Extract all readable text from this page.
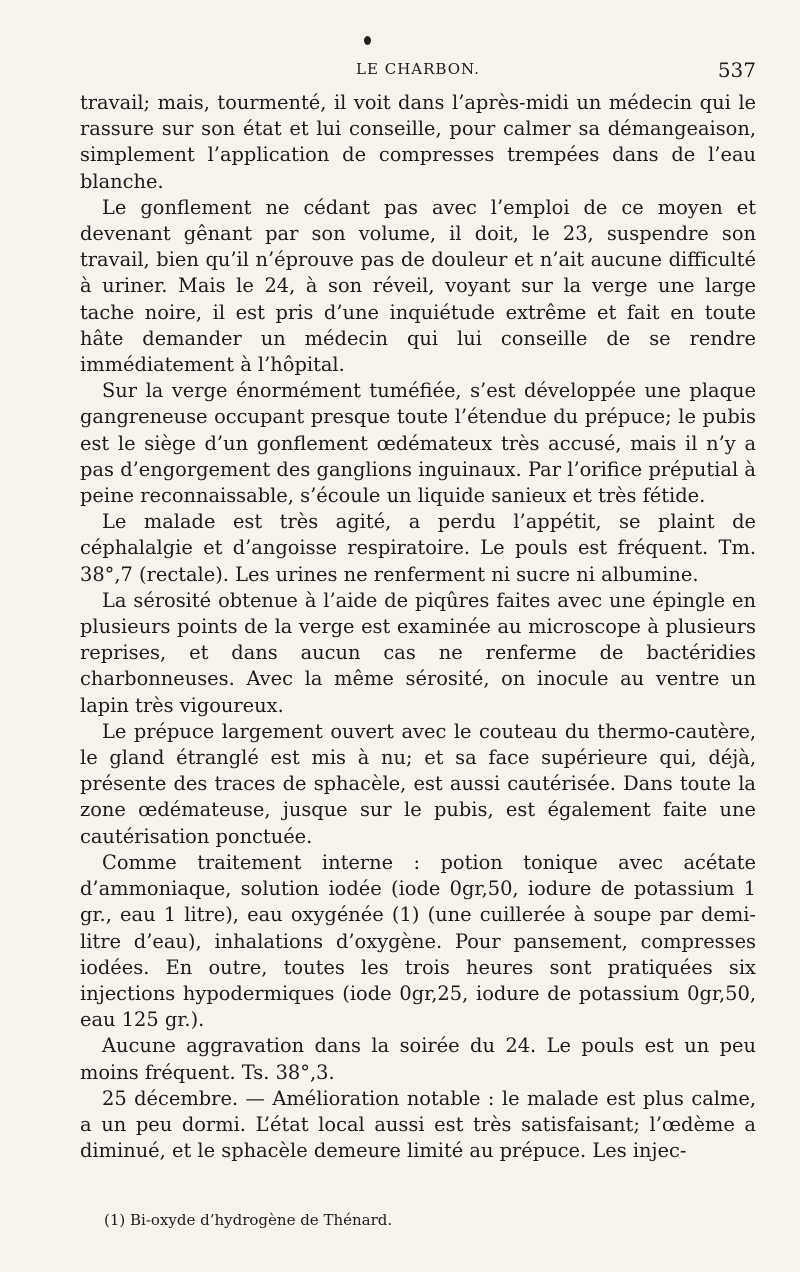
LE CHARBON.	537

travail; mais, tourmenté, il voit dans l’après-midi un médecin qui le rassure sur son état et lui conseille, pour calmer sa démangeaison, simplement l’application de compresses trempées dans de l’eau blanche.

Le gonflement ne cédant pas avec l’emploi de ce moyen et devenant gênant par son volume, il doit, le 23, suspendre son travail, bien qu’il n’éprouve pas de douleur et n’ait aucune difficulté à uriner. Mais le 24, à son réveil, voyant sur la verge une large tache noire, il est pris d’une inquiétude extrême et fait en toute hâte demander un médecin qui lui conseille de se rendre immédiatement à l’hôpital.

Sur la verge énormément tuméfiée, s’est développée une plaque gangreneuse occupant presque toute l’étendue du prépuce; le pubis est le siège d’un gonflement œdémateux très accusé, mais il n’y a pas d’engorgement des ganglions inguinaux. Par l’orifice préputial à peine reconnaissable, s’écoule un liquide sanieux et très fétide.

Le malade est très agité, a perdu l’appétit, se plaint de céphalalgie et d’angoisse respiratoire. Le pouls est fréquent. Tm. 38°,7 (rectale). Les urines ne renferment ni sucre ni albumine.

La sérosité obtenue à l’aide de piqûres faites avec une épingle en plusieurs points de la verge est examinée au microscope à plusieurs reprises, et dans aucun cas ne renferme de bactéridies charbonneuses. Avec la même sérosité, on inocule au ventre un lapin très vigoureux.

Le prépuce largement ouvert avec le couteau du thermo-cautère, le gland étranglé est mis à nu; et sa face supérieure qui, déjà, présente des traces de sphacèle, est aussi cautérisée. Dans toute la zone œdémateuse, jusque sur le pubis, est également faite une cautérisation ponctuée.

Comme traitement interne : potion tonique avec acétate d’ammoniaque, solution iodée (iode 0gr,50, iodure de potassium 1 gr., eau 1 litre), eau oxygénée (1) (une cuillerée à soupe par demi-litre d’eau), inhalations d’oxygène. Pour pansement, compresses iodées. En outre, toutes les trois heures sont pratiquées six injections hypodermiques (iode 0gr,25, iodure de potassium 0gr,50, eau 125 gr.).

Aucune aggravation dans la soirée du 24. Le pouls est un peu moins fréquent. Ts. 38°,3.

25 décembre. — Amélioration notable : le malade est plus calme, a un peu dormi. L’état local aussi est très satisfaisant; l’œdème a diminué, et le sphacèle demeure limité au prépuce. Les injec-

(1) Bi-oxyde d’hydrogène de Thénard.
